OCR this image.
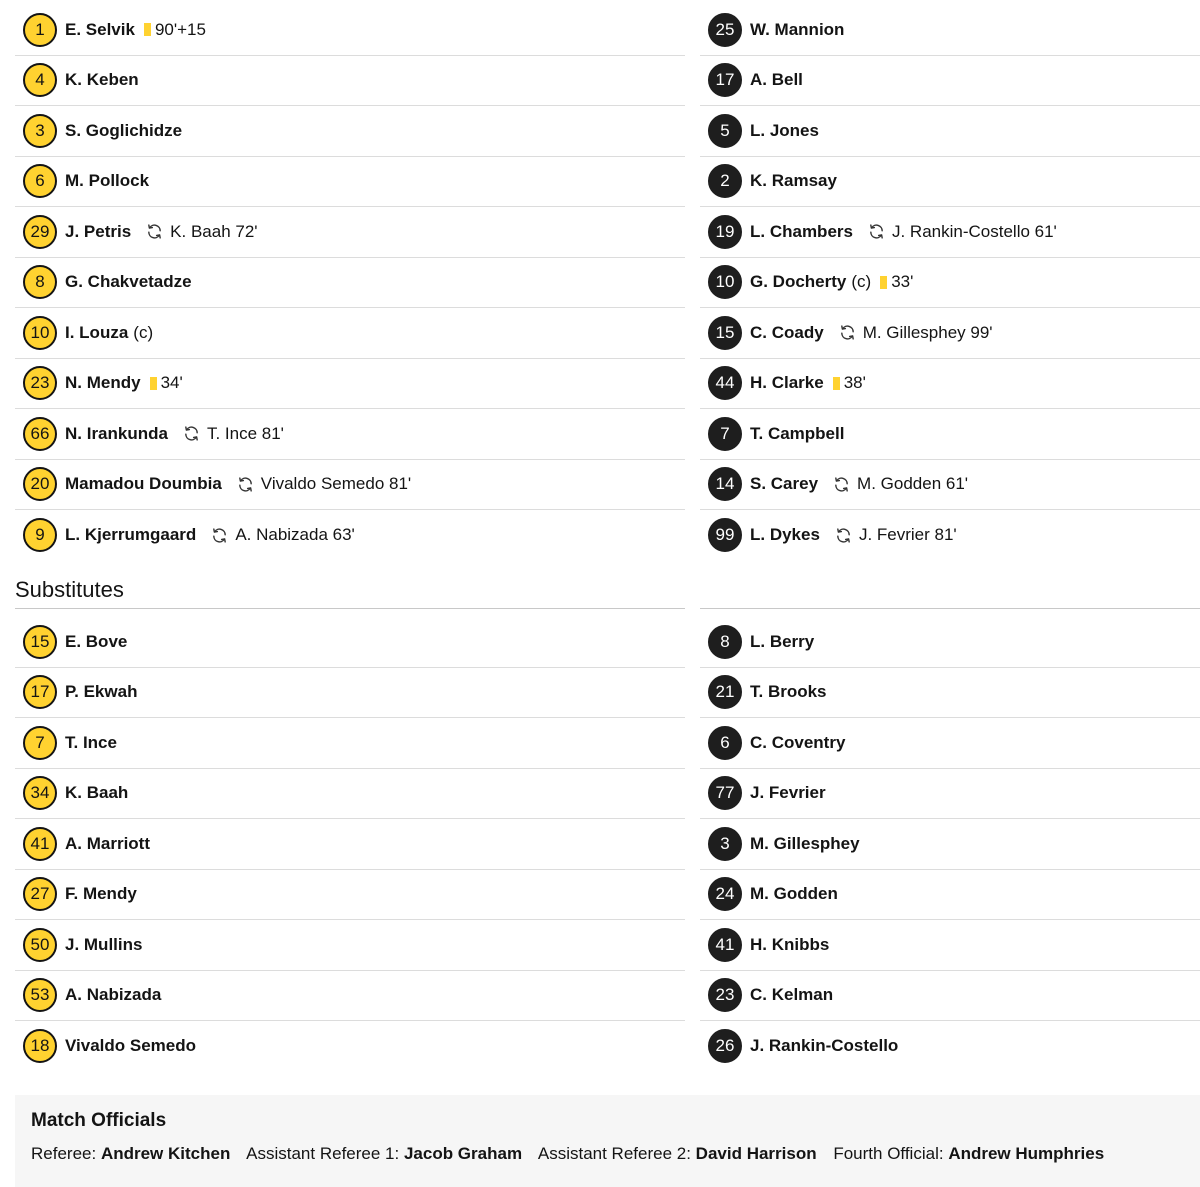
1	E. Selvik 90'+15
4	K. Keben
3	S. Goglichidze
6	M. Pollock
29 J. Petris K. Baah 72'
8	G. Chakvetadze
10 I. Louza (c)
23 N. Mendy 34'
66 N. Irankunda T. Ince 81'
20 Mamadou Doumbia Vivaldo Semedo 81'
9	L. Kjerrumgaard A. Nabizada 63'
25 W. Mannion
17 A. Bell
5	L. Jones
2	K. Ramsay
19 L. Chambers J. Rankin-Costello 61'
10 G. Docherty (c) 33'
15 C. Coady M. Gillesphey 99'
44 H. Clarke 38'
7	T. Campbell
14 S. Carey M. Godden 61'
99 L. Dykes J. Fevrier 81'
Substitutes
15 E. Bove
17 P. Ekwah
7	T. Ince
34 K. Baah
41 A. Marriott
27 F. Mendy
50 J. Mullins
53 A. Nabizada
18 Vivaldo Semedo
8	L. Berry
21 T. Brooks
6	C. Coventry
77 J. Fevrier
3	M. Gillesphey
24 M. Godden
41 H. Knibbs
23 C. Kelman
26 J. Rankin-Costello
Match Officials
Referee: Andrew Kitchen Assistant Referee 1: Jacob Graham Assistant Referee 2: David Harrison Fourth Official: Andrew Humphries
